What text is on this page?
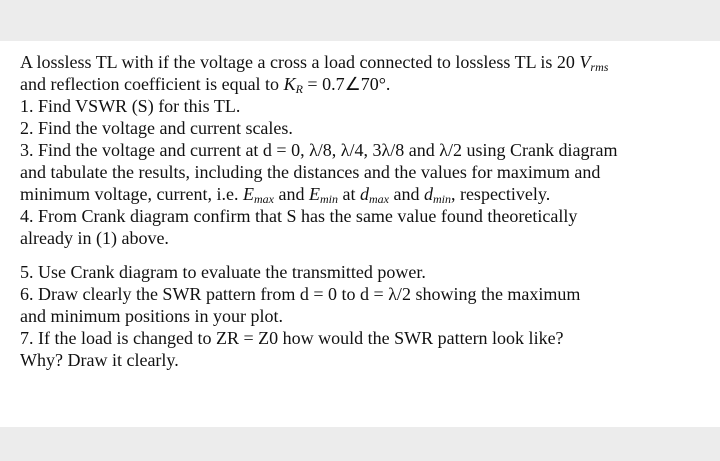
A lossless TL with if the voltage a cross a load connected to lossless TL is 20 Vrms
and reflection coefficient is equal to KR = 0.7∠70°.
1. Find VSWR (S) for this TL.
2. Find the voltage and current scales.
3. Find the voltage and current at d = 0, λ/8, λ/4, 3λ/8 and λ/2 using Crank diagram
and tabulate the results, including the distances and the values for maximum and
minimum voltage, current, i.e. Emax and Emin at dmax and dmin, respectively.
4. From Crank diagram confirm that S has the same value found theoretically
already in (1) above.
5. Use Crank diagram to evaluate the transmitted power.
6. Draw clearly the SWR pattern from d = 0 to d = λ/2 showing the maximum
and minimum positions in your plot.
7. If the load is changed to ZR = Z0 how would the SWR pattern look like?
Why? Draw it clearly.
